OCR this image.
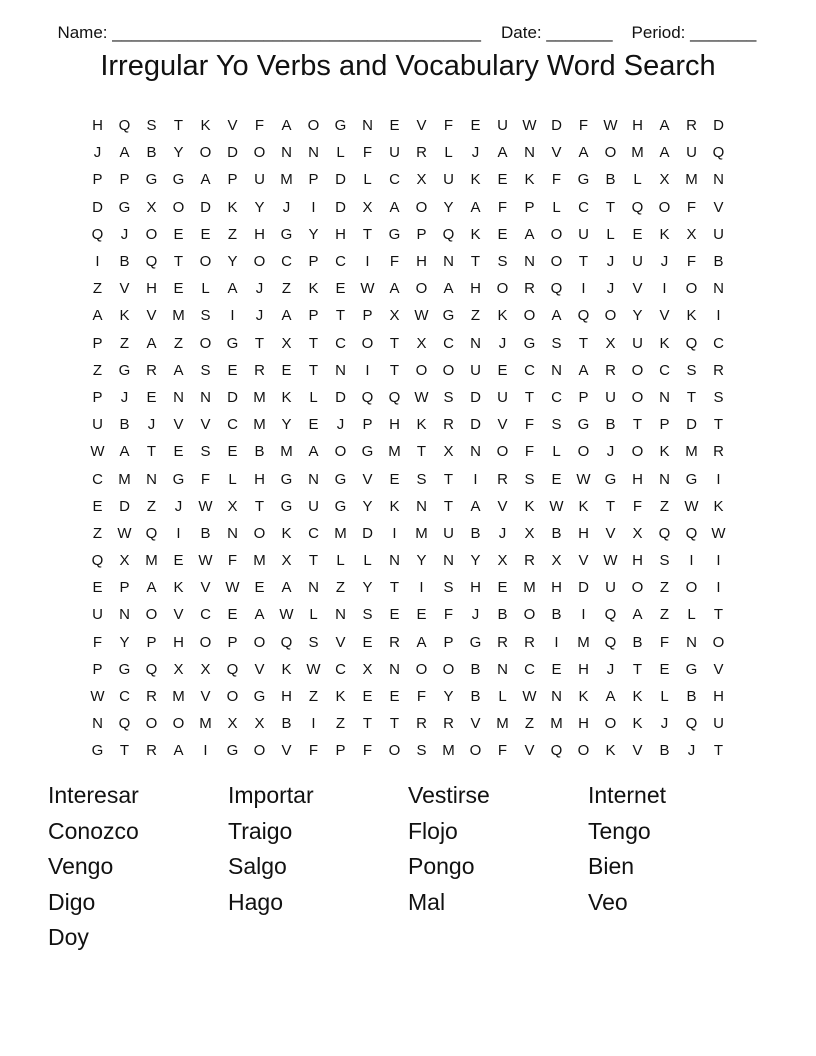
Name: _______________________________________ Date: _______ Period: _______

Irregular Yo Verbs and Vocabulary Word Search
H	Q	S	T	K	V	F	A	O	G	N	E	V	F	E	U W D	F	W H	A	R	D
J	A	B	Y	O	D	O	N	N	L	F	U	R	L	J	A	N	V	A	O M	A	U	Q
P	P	G	G	A	P	U	M	P	D	L	C	X	U	K	E	K	F	G	B	L	X	M	N
D	G	X	O	D	K	Y	J	I	D	X	A	O	Y	A	F	P	L	C	T	Q	O	F	V
Q	J	O	E	E	Z	H	G	Y	H	T	G	P	Q	K	E	A	O	U	L	E	K	X	U
I	B	Q	T	O	Y	O	C	P	C	I	F	H	N	T	S	N	O	T	J	U	J	F	B
Z	V	H	E	L	A	J	Z	K	E W A	O	A	H	O	R	Q	I	J	V	I	O	N
A	K	V	M	S	I	J	A	P	T	P	X W G	Z	K	O	A	Q	O	Y	V	K	I
P	Z	A	Z	O	G	T	X	T	C	O	T	X	C	N	J	G	S	T	X	U	K	Q	C
Z	G	R	A	S	E	R	E	T	N	I	T	O	O	U	E	C	N	A	R	O	C	S	R
P	J	E	N	N	D	M	K	L	D	Q	Q W S	D	U	T	C	P	U	O	N	T	S
U	B	J	V	V	C	M	Y	E	J	P	H	K	R	D	V	F	S	G	B	T	P	D	T
W A	T	E	S	E	B	M	A	O	G M	T	X	N	O	F	L	O	J	O	K	M	R
C	M	N	G	F	L	H	G	N	G	V	E	S	T	I	R	S	E W G	H	N	G	I
E	D	Z	J	W X	T	G	U	G	Y	K	N	T	A	V	K W K	T	F	Z	W K
Z	W Q	I	B	N	O	K	C	M	D	I	M	U	B	J	X	B	H	V	X	Q	Q W
Q	X	M	E W	F	M	X	T	L	L	N	Y	N	Y	X	R	X	V W H	S	I	I
E	P	A	K	V W E	A	N	Z	Y	T	I	S	H	E	M	H	D	U	O	Z	O	I
U	N	O	V	C	E	A W	L	N	S	E	E	F	J	B	O	B	I	Q	A	Z	L	T
F	Y	P	H	O	P	O	Q	S	V	E	R	A	P	G	R	R	I	M Q	B	F	N	O
P	G	Q	X	X	Q	V	K W C	X	N	O	O	B	N	C	E	H	J	T	E	G	V
W C	R	M	V	O	G	H	Z	K	E	E	F	Y	B	L	W N	K	A	K	L	B	H
N	Q	O	O M	X	X	B	I	Z	T	T	R	R	V	M	Z	M	H	O	K	J	Q	U
G	T	R	A	I	G	O	V	F	P	F	O	S	M O	F	V	Q	O	K	V	B	J	T
Interesar	Importar	Vestirse	Internet
Conozco	Traigo	Flojo	Tengo
Vengo	Salgo	Pongo	Bien
Digo	Hago	Mal	Veo
Doy
